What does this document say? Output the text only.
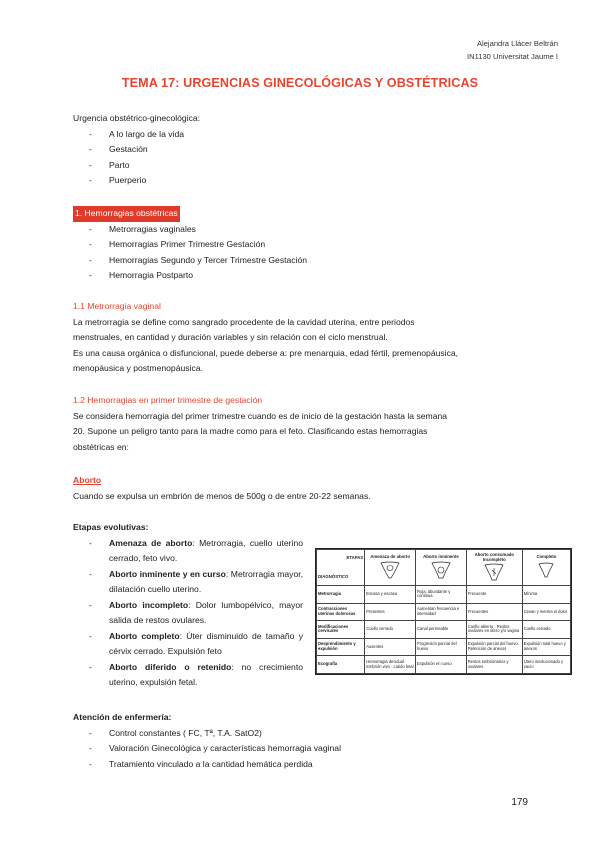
Alejandra Llácer Beltrán
IN1130 Universitat Jaume I
TEMA 17: URGENCIAS GINECOLÓGICAS Y OBSTÉTRICAS
Urgencia obstétrico-ginecológica:
- A lo largo de la vida
- Gestación
- Parto
- Puerperio
1. Hemorragias obstétricas
- Metrorragias vaginales
- Hemorragias Primer Trimestre Gestación
- Hemorragias Segundo y Tercer Trimestre Gestación
- Hemorragia Postparto
1.1 Metrorragia vaginal
La metrorragia se define como sangrado procedente de la cavidad uterina, entre periodos
menstruales, en cantidad y duración variables y sin relación con el ciclo menstrual.
Es una causa orgánica o disfuncional, puede deberse a: pre menarquia, edad fértil, premenopáusica,
menopáusica y postmenopáusica.
1.2 Hemorragias en primer trimestre de gestación
Se considera hemorragia del primer trimestre cuando es de inicio de la gestación hasta la semana
20. Supone un peligro tanto para la madre como para el feto. Clasificando estas hemorragias
obstétricas en:
Aborto
Cuando se expulsa un embrión de menos de 500g o de entre 20-22 semanas.
Etapas evolutivas:
- Amenaza de aborto: Metrorragia, cuello uterino cerrado, feto vivo.
- Aborto inminente y en curso: Metrorragia mayor, dilatación cuello uterino.
- Aborto incompleto: Dolor lumbopélvico, mayor salida de restos ovulares.
- Aborto completo: Úter disminuido de tamaño y cérvix cerrado. Expulsión feto
- Aborto diferido o retenido: no crecimiento uterino, expulsión fetal.
ETAPAS
DIAGNÓSTICO	Amenaza de aborto	Aborto inminente	Aborto consumado Incompleto	Completo

Metrorragia	Escasa y escasa	Roja, abundante y continua	Frecuente	Mínima
Contracciones uterinas dolorosas	Presentes	Aumentan frecuencia e intensidad	Frecuentes	Cesan y merma el dolor
Modificaciones cervicales	Cuello cerrado	Canal permeable	Cuello abierto · Restos ovulares en útero y/o vagina	Cuello cerrado
Desprendimiento y expulsión	Ausentes	Progresión parcial del huevo	Expulsión parcial del huevo. Retención de anexos	Expulsión total huevo y anexos
Ecografía	Hemorragia decidual · Embrión vivo · Latido fetal	Expulsión en curso	Restos embrionarios y ovulares	Útero involucionado y vacío
Atención de enfermería:
- Control constantes ( FC, Tª, T.A. SatO2)
- Valoración Ginecológica y características hemorragia vaginal
- Tratamiento vinculado a la cantidad hemática perdida
179
